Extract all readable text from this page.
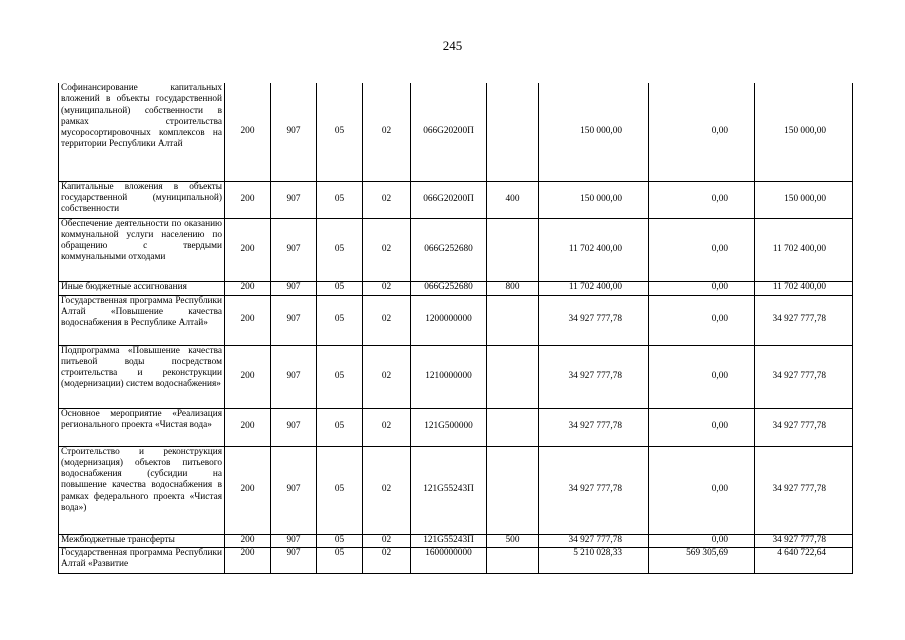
245
Софинансирование капитальных вложений в объекты государственной (муниципальной) собственности в рамках строительства мусоросортировочных комплексов на территории Республики Алтай	200	907	05	02	066G20200П		150 000,00	0,00	150 000,00
Капитальные вложения в объекты государственной (муниципальной) собственности	200	907	05	02	066G20200П	400	150 000,00	0,00	150 000,00
Обеспечение деятельности по оказанию коммунальной услуги населению по обращению с твердыми коммунальными отходами	200	907	05	02	066G252680		11 702 400,00	0,00	11 702 400,00
Иные бюджетные ассигнования	200	907	05	02	066G252680	800	11 702 400,00	0,00	11 702 400,00
Государственная программа Республики Алтай «Повышение качества водоснабжения в Республике Алтай»	200	907	05	02	1200000000		34 927 777,78	0,00	34 927 777,78
Подпрограмма «Повышение качества питьевой воды посредством строительства и реконструкции (модернизации) систем водоснабжения»	200	907	05	02	1210000000		34 927 777,78	0,00	34 927 777,78
Основное мероприятие «Реализация регионального проекта «Чистая вода»	200	907	05	02	121G500000		34 927 777,78	0,00	34 927 777,78
Строительство и реконструкция (модернизация) объектов питьевого водоснабжения (субсидии на повышение качества водоснабжения в рамках федерального проекта «Чистая вода»)	200	907	05	02	121G55243П		34 927 777,78	0,00	34 927 777,78
Межбюджетные трансферты	200	907	05	02	121G55243П	500	34 927 777,78	0,00	34 927 777,78

Государственная программа Республики Алтай «Развитие	200	907	05	02	1600000000		5 210 028,33	569 305,69	4 640 722,64
